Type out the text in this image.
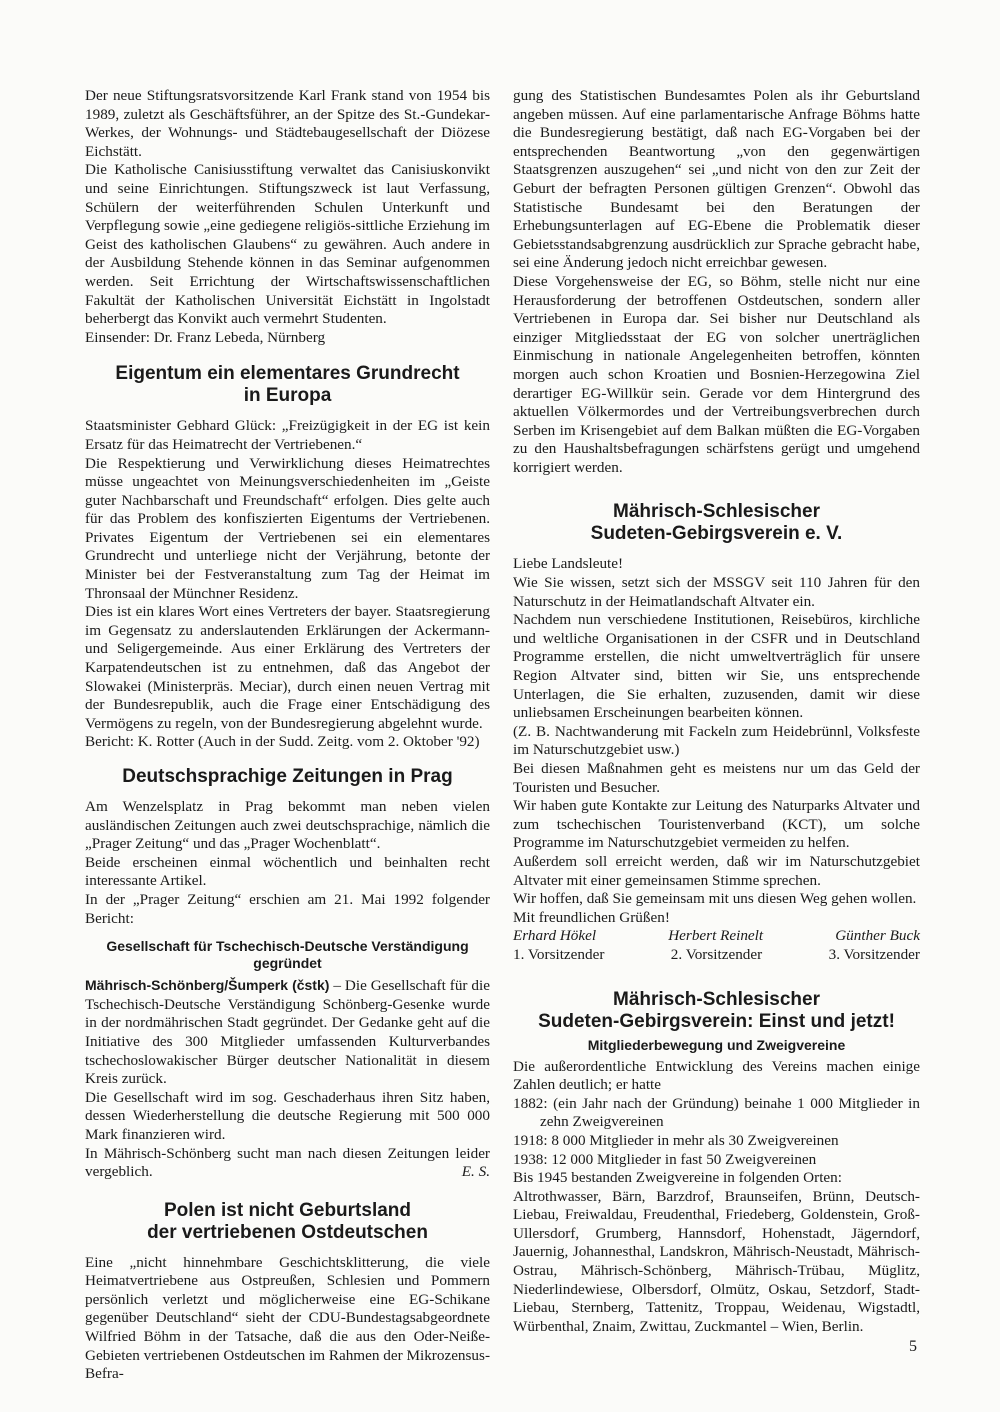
Der neue Stiftungsratsvorsitzende Karl Frank stand von 1954 bis 1989, zuletzt als Geschäftsführer, an der Spitze des St.-Gundekar-Werkes, der Wohnungs- und Städtebaugesellschaft der Diözese Eichstätt.

Die Katholische Canisiusstiftung verwaltet das Canisiuskonvikt und seine Einrichtungen. Stiftungszweck ist laut Verfassung, Schülern der weiterführenden Schulen Unterkunft und Verpflegung sowie „eine gediegene religiös-sittliche Erziehung im Geist des katholischen Glaubens“ zu gewähren. Auch andere in der Ausbildung Stehende können in das Seminar aufgenommen werden. Seit Errichtung der Wirtschaftswissenschaftlichen Fakultät der Katholischen Universität Eichstätt in Ingolstadt beherbergt das Konvikt auch vermehrt Studenten.

Einsender: Dr. Franz Lebeda, Nürnberg

Eigentum ein elementares Grundrecht
in Europa

Staatsminister Gebhard Glück: „Freizügigkeit in der EG ist kein Ersatz für das Heimatrecht der Vertriebenen.“

Die Respektierung und Verwirklichung dieses Heimatrechtes müsse ungeachtet von Meinungsverschiedenheiten im „Geiste guter Nachbarschaft und Freundschaft“ erfolgen. Dies gelte auch für das Problem des konfiszierten Eigentums der Vertriebenen. Privates Eigentum der Vertriebenen sei ein elementares Grundrecht und unterliege nicht der Verjährung, betonte der Minister bei der Festveranstaltung zum Tag der Heimat im Thronsaal der Münchner Residenz.

Dies ist ein klares Wort eines Vertreters der bayer. Staatsregierung im Gegensatz zu anderslautenden Erklärungen der Ackermann- und Seligergemeinde. Aus einer Erklärung des Vertreters der Karpatendeutschen ist zu entnehmen, daß das Angebot der Slowakei (Ministerpräs. Meciar), durch einen neuen Vertrag mit der Bundesrepublik, auch die Frage einer Entschädigung des Vermögens zu regeln, von der Bundesregierung abgelehnt wurde.

Bericht: K. Rotter (Auch in der Sudd. Zeitg. vom 2. Oktober '92)

Deutschsprachige Zeitungen in Prag

Am Wenzelsplatz in Prag bekommt man neben vielen ausländischen Zeitungen auch zwei deutschsprachige, nämlich die „Prager Zeitung“ und das „Prager Wochenblatt“.

Beide erscheinen einmal wöchentlich und beinhalten recht interessante Artikel.

In der „Prager Zeitung“ erschien am 21. Mai 1992 folgender Bericht:

Gesellschaft für Tschechisch-Deutsche Verständigung
gegründet

Mährisch-Schönberg/Šumperk (čstk) – Die Gesellschaft für die Tschechisch-Deutsche Verständigung Schönberg-Gesenke wurde in der nordmährischen Stadt gegründet. Der Gedanke geht auf die Initiative des 300 Mitglieder umfassenden Kulturverbandes tschechoslowakischer Bürger deutscher Nationalität in diesem Kreis zurück.

Die Gesellschaft wird im sog. Geschaderhaus ihren Sitz haben, dessen Wiederherstellung die deutsche Regierung mit 500 000 Mark finanzieren wird.

In Mährisch-Schönberg sucht man nach diesen Zeitungen leider vergeblich.	E. S.

Polen ist nicht Geburtsland
der vertriebenen Ostdeutschen

Eine „nicht hinnehmbare Geschichtsklitterung, die viele Heimatvertriebene aus Ostpreußen, Schlesien und Pommern persönlich verletzt und möglicherweise eine EG-Schikane gegenüber Deutschland“ sieht der CDU-Bundestagsabgeordnete Wilfried Böhm in der Tatsache, daß die aus den Oder-Neiße-Gebieten vertriebenen Ostdeutschen im Rahmen der Mikrozensus-Befra-

gung des Statistischen Bundesamtes Polen als ihr Geburtsland angeben müssen. Auf eine parlamentarische Anfrage Böhms hatte die Bundesregierung bestätigt, daß nach EG-Vorgaben bei der entsprechenden Beantwortung „von den gegenwärtigen Staatsgrenzen auszugehen“ sei „und nicht von den zur Zeit der Geburt der befragten Personen gültigen Grenzen“. Obwohl das Statistische Bundesamt bei den Beratungen der Erhebungsunterlagen auf EG-Ebene die Problematik dieser Gebietsstandsabgrenzung ausdrücklich zur Sprache gebracht habe, sei eine Änderung jedoch nicht erreichbar gewesen.

Diese Vorgehensweise der EG, so Böhm, stelle nicht nur eine Herausforderung der betroffenen Ostdeutschen, sondern aller Vertriebenen in Europa dar. Sei bisher nur Deutschland als einziger Mitgliedsstaat der EG von solcher unerträglichen Einmischung in nationale Angelegenheiten betroffen, könnten morgen auch schon Kroatien und Bosnien-Herzegowina Ziel derartiger EG-Willkür sein. Gerade vor dem Hintergrund des aktuellen Völkermordes und der Vertreibungsverbrechen durch Serben im Krisengebiet auf dem Balkan müßten die EG-Vorgaben zu den Haushaltsbefragungen schärfstens gerügt und umgehend korrigiert werden.

Mährisch-Schlesischer
Sudeten-Gebirgsverein e. V.

Liebe Landsleute!

Wie Sie wissen, setzt sich der MSSGV seit 110 Jahren für den Naturschutz in der Heimatlandschaft Altvater ein.

Nachdem nun verschiedene Institutionen, Reisebüros, kirchliche und weltliche Organisationen in der CSFR und in Deutschland Programme erstellen, die nicht umweltverträglich für unsere Region Altvater sind, bitten wir Sie, uns entsprechende Unterlagen, die Sie erhalten, zuzusenden, damit wir diese unliebsamen Erscheinungen bearbeiten können.

(Z. B. Nachtwanderung mit Fackeln zum Heidebrünnl, Volksfeste im Naturschutzgebiet usw.)

Bei diesen Maßnahmen geht es meistens nur um das Geld der Touristen und Besucher.

Wir haben gute Kontakte zur Leitung des Naturparks Altvater und zum tschechischen Touristenverband (KCT), um solche Programme im Naturschutzgebiet vermeiden zu helfen.

Außerdem soll erreicht werden, daß wir im Naturschutzgebiet Altvater mit einer gemeinsamen Stimme sprechen.

Wir hoffen, daß Sie gemeinsam mit uns diesen Weg gehen wollen.

Mit freundlichen Grüßen!

Erhard Hökel	Herbert Reinelt	Günther Buck
1. Vorsitzender	2. Vorsitzender	3. Vorsitzender
Mährisch-Schlesischer
Sudeten-Gebirgsverein: Einst und jetzt!
Mitgliederbewegung und Zweigvereine

Die außerordentliche Entwicklung des Vereins machen einige Zahlen deutlich; er hatte

1882: (ein Jahr nach der Gründung) beinahe 1 000 Mitglieder in zehn Zweigvereinen

1918: 8 000 Mitglieder in mehr als 30 Zweigvereinen

1938: 12 000 Mitglieder in fast 50 Zweigvereinen

Bis 1945 bestanden Zweigvereine in folgenden Orten:

Altrothwasser, Bärn, Barzdrof, Braunseifen, Brünn, Deutsch-Liebau, Freiwaldau, Freudenthal, Friedeberg, Goldenstein, Groß-Ullersdorf, Grumberg, Hannsdorf, Hohenstadt, Jägerndorf, Jauernig, Johannesthal, Landskron, Mährisch-Neustadt, Mährisch-Ostrau, Mährisch-Schönberg, Mährisch-Trübau, Müglitz, Niederlindewiese, Olbersdorf, Olmütz, Oskau, Setzdorf, Stadt-Liebau, Sternberg, Tattenitz, Troppau, Weidenau, Wigstadtl, Würbenthal, Znaim, Zwittau, Zuckmantel – Wien, Berlin.

5
